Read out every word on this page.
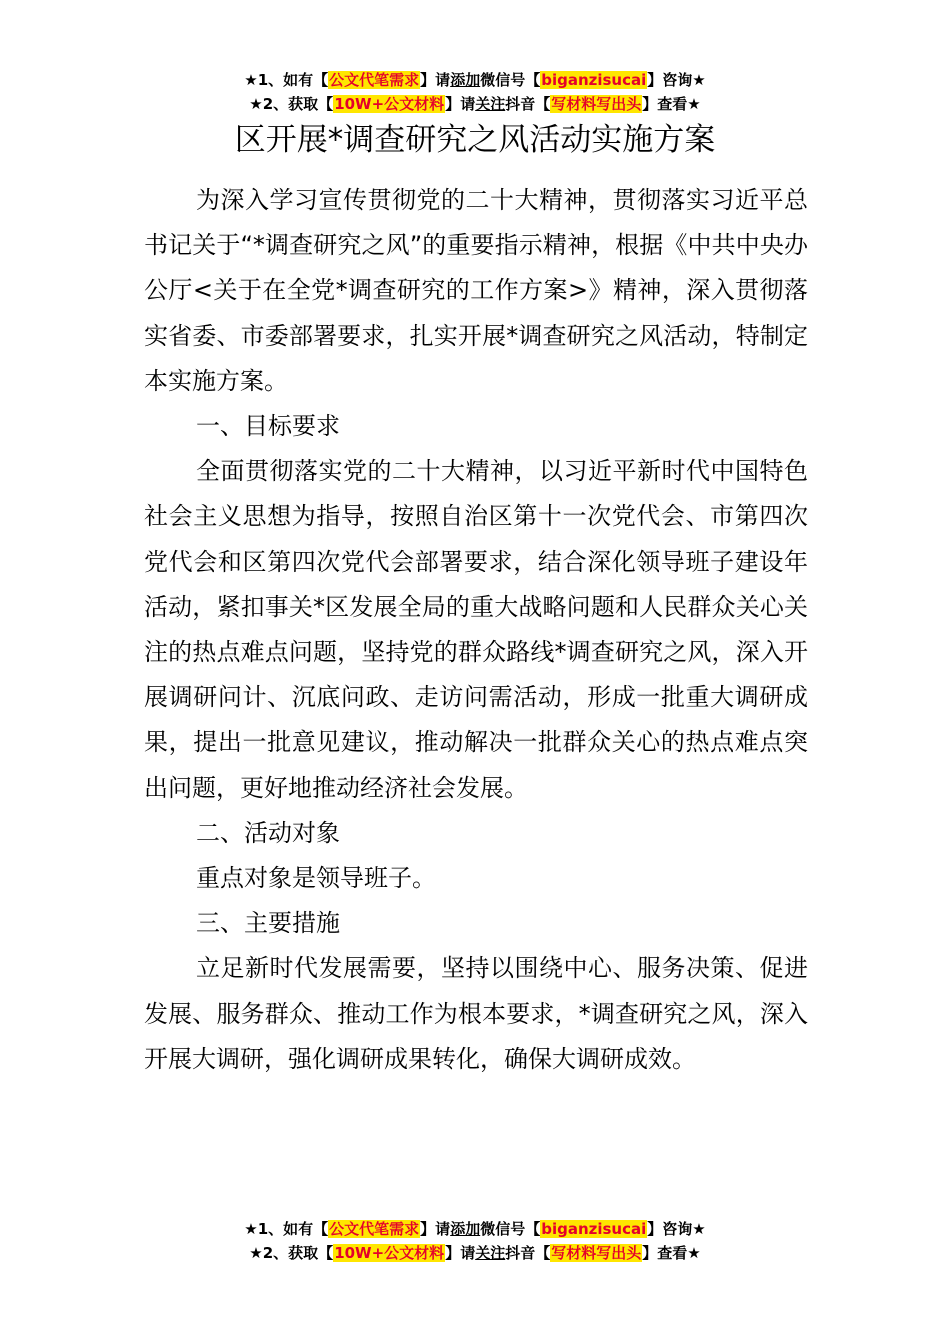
★1、如有【公文代笔需求】请添加微信号【biganzisucai】咨询★
★2、获取【10W+公文材料】请关注抖音【写材料写出头】查看★
区开展*调查研究之风活动实施方案

为深入学习宣传贯彻党的二十大精神，贯彻落实习近平总书记关于“*调查研究之风”的重要指示精神，根据《中共中央办公厅<关于在全党*调查研究的工作方案>》精神，深入贯彻落实省委、市委部署要求，扎实开展*调查研究之风活动，特制定本实施方案。

一、目标要求

全面贯彻落实党的二十大精神，以习近平新时代中国特色社会主义思想为指导，按照自治区第十一次党代会、市第四次党代会和区第四次党代会部署要求，结合深化领导班子建设年活动，紧扣事关*区发展全局的重大战略问题和人民群众关心关注的热点难点问题，坚持党的群众路线*调查研究之风，深入开展调研问计、沉底问政、走访问需活动，形成一批重大调研成果，提出一批意见建议，推动解决一批群众关心的热点难点突出问题，更好地推动经济社会发展。

二、活动对象

重点对象是领导班子。

三、主要措施

立足新时代发展需要，坚持以围绕中心、服务决策、促进发展、服务群众、推动工作为根本要求，*调查研究之风，深入开展大调研，强化调研成果转化，确保大调研成效。

★1、如有【公文代笔需求】请添加微信号【biganzisucai】咨询★
★2、获取【10W+公文材料】请关注抖音【写材料写出头】查看★
